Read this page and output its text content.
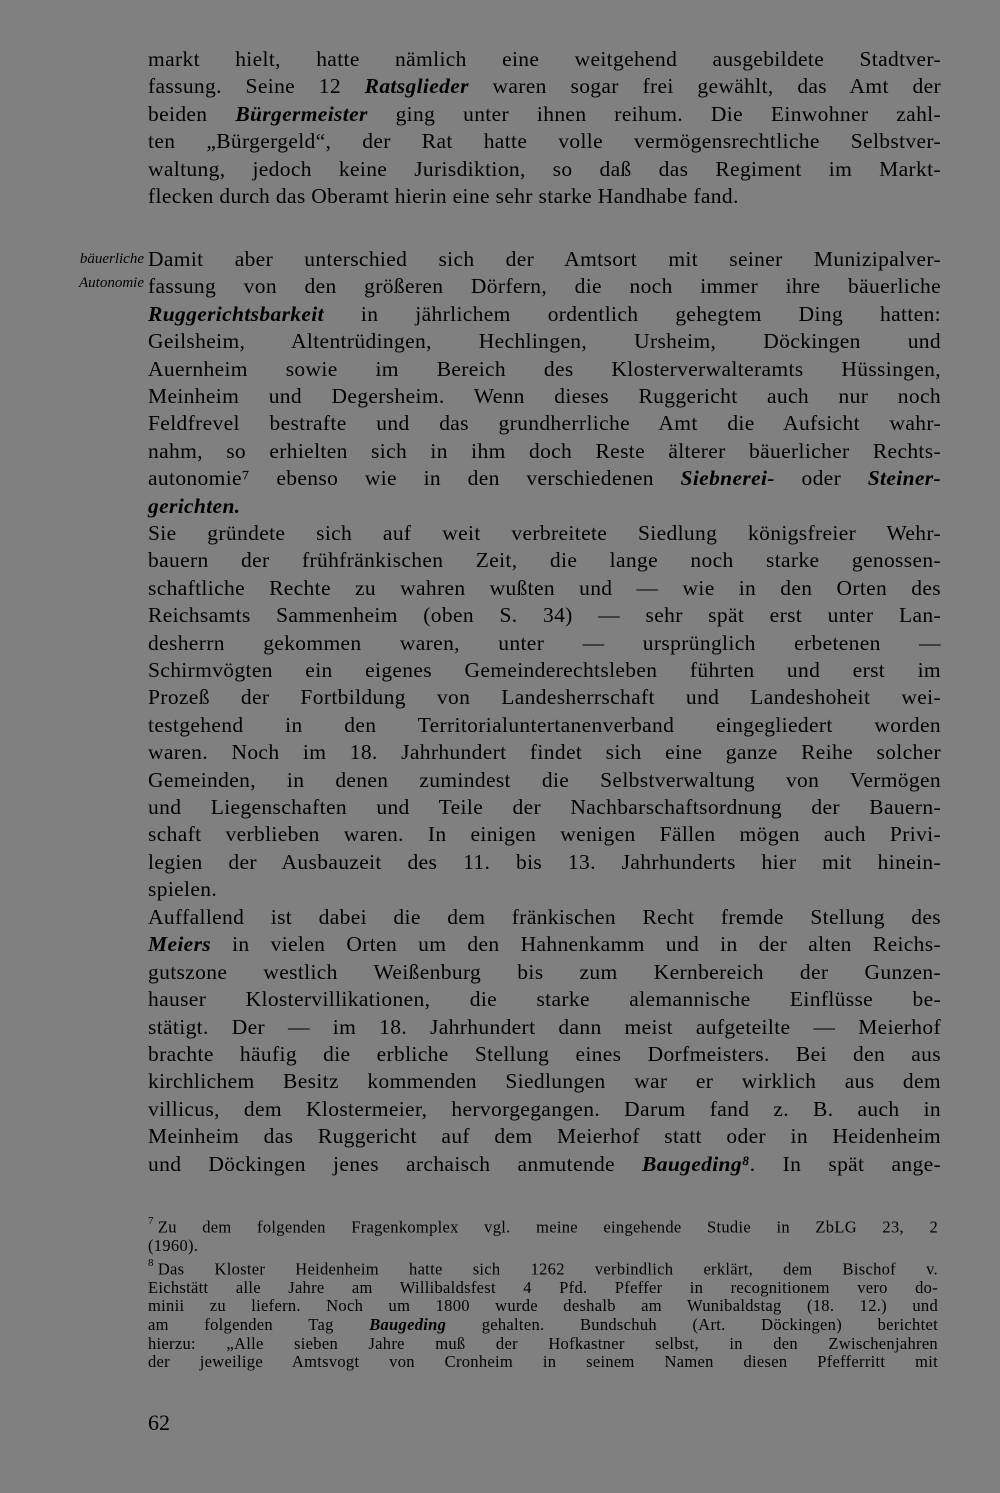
markt hielt, hatte nämlich eine weitgehend ausgebildete Stadtver-
fassung. Seine 12 Ratsglieder waren sogar frei gewählt, das Amt der
beiden Bürgermeister ging unter ihnen reihum. Die Einwohner zahl-
ten „Bürgergeld“, der Rat hatte volle vermögensrechtliche Selbstver-
waltung, jedoch keine Jurisdiktion, so daß das Regiment im Markt-
flecken durch das Oberamt hierin eine sehr starke Handhabe fand.
bäuerliche
Autonomie
Damit aber unterschied sich der Amtsort mit seiner Munizipalver-
fassung von den größeren Dörfern, die noch immer ihre bäuerliche
Ruggerichtsbarkeit in jährlichem ordentlich gehegtem Ding hatten:
Geilsheim, Altentrüdingen, Hechlingen, Ursheim, Döckingen und
Auernheim sowie im Bereich des Klosterverwalteramts Hüssingen,
Meinheim und Degersheim. Wenn dieses Ruggericht auch nur noch
Feldfrevel bestrafte und das grundherrliche Amt die Aufsicht wahr-
nahm, so erhielten sich in ihm doch Reste älterer bäuerlicher Rechts-
autonomie⁷ ebenso wie in den verschiedenen Siebnerei- oder Steiner-
gerichten.
Sie gründete sich auf weit verbreitete Siedlung königsfreier Wehr-
bauern der frühfränkischen Zeit, die lange noch starke genossen-
schaftliche Rechte zu wahren wußten und — wie in den Orten des
Reichsamts Sammenheim (oben S. 34) — sehr spät erst unter Lan-
desherrn gekommen waren, unter — ursprünglich erbetenen —
Schirmvögten ein eigenes Gemeinderechtsleben führten und erst im
Prozeß der Fortbildung von Landesherrschaft und Landeshoheit wei-
testgehend in den Territorialuntertanenverband eingegliedert worden
waren. Noch im 18. Jahrhundert findet sich eine ganze Reihe solcher
Gemeinden, in denen zumindest die Selbstverwaltung von Vermögen
und Liegenschaften und Teile der Nachbarschaftsordnung der Bauern-
schaft verblieben waren. In einigen wenigen Fällen mögen auch Privi-
legien der Ausbauzeit des 11. bis 13. Jahrhunderts hier mit hinein-
spielen.
Auffallend ist dabei die dem fränkischen Recht fremde Stellung des
Meiers in vielen Orten um den Hahnenkamm und in der alten Reichs-
gutszone westlich Weißenburg bis zum Kernbereich der Gunzen-
hauser Klostervillikationen, die starke alemannische Einflüsse be-
stätigt. Der — im 18. Jahrhundert dann meist aufgeteilte — Meierhof
brachte häufig die erbliche Stellung eines Dorfmeisters. Bei den aus
kirchlichem Besitz kommenden Siedlungen war er wirklich aus dem
villicus, dem Klostermeier, hervorgegangen. Darum fand z. B. auch in
Meinheim das Ruggericht auf dem Meierhof statt oder in Heidenheim
und Döckingen jenes archaisch anmutende Baugeding⁸. In spät ange-
$^7$ Zu dem folgenden Fragenkomplex vgl. meine eingehende Studie in ZbLG 23, 2
(1960).
$^8$ Das Kloster Heidenheim hatte sich 1262 verbindlich erklärt, dem Bischof v.
Eichstätt alle Jahre am Willibaldsfest 4 Pfd. Pfeffer in recognitionem vero do-
minii zu liefern. Noch um 1800 wurde deshalb am Wunibaldstag (18. 12.) und
am folgenden Tag Baugeding gehalten. Bundschuh (Art. Döckingen) berichtet
hierzu: „Alle sieben Jahre muß der Hofkastner selbst, in den Zwischenjahren
der jeweilige Amtsvogt von Cronheim in seinem Namen diesen Pfefferritt mit
62
